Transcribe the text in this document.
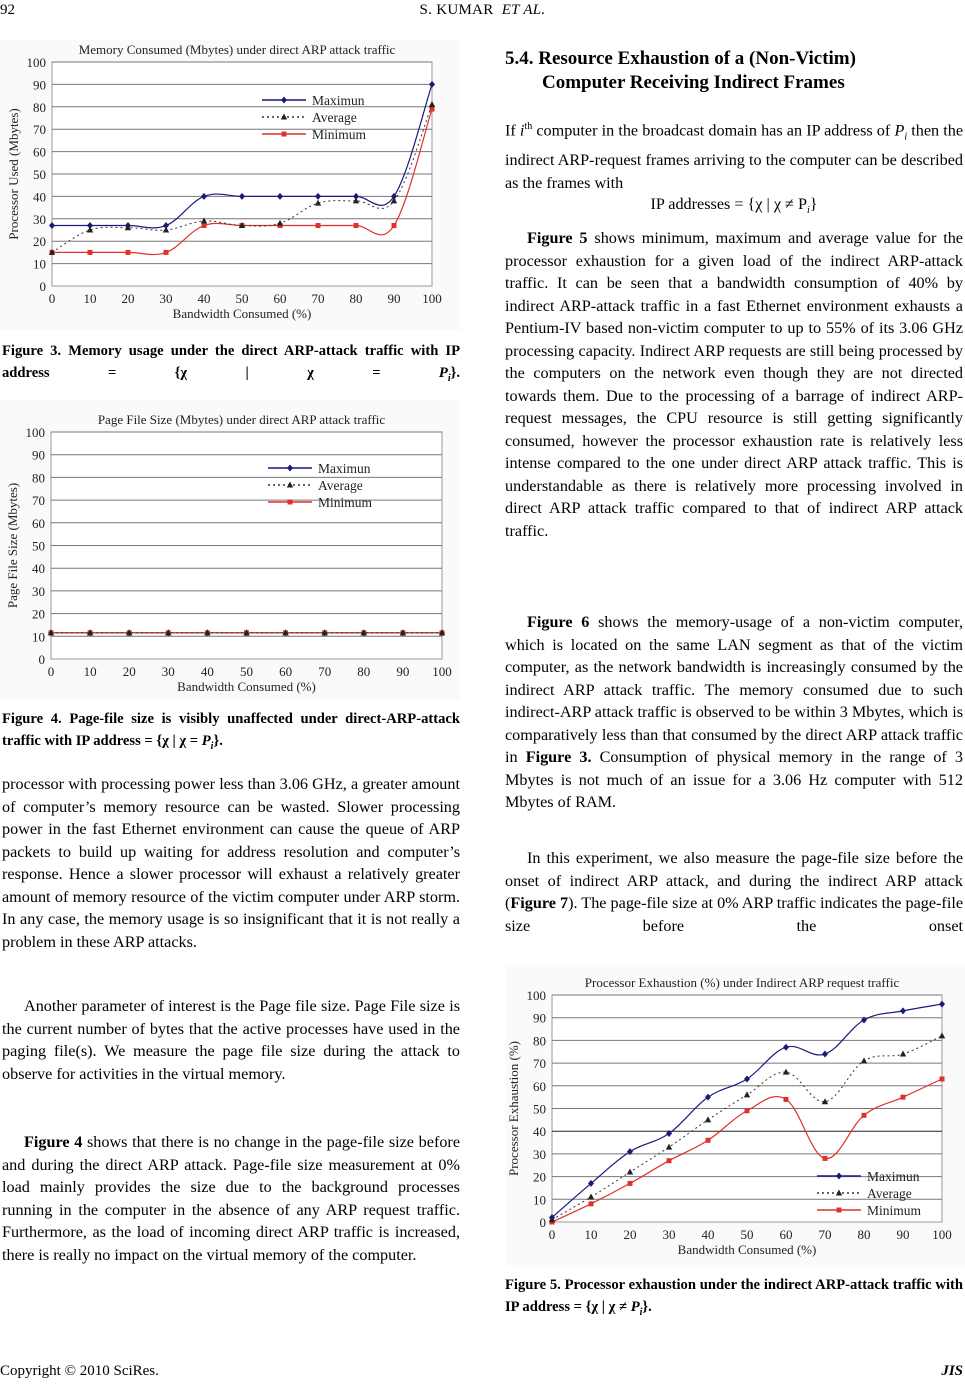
92	S. KUMAR ET AL.
Memory Consumed (Mbytes) under direct ARP attack traffic
0
10
20
30
40
50
60
70
80
90
100
0 10 20 30 40 50 60 70 80 90 100
Bandwidth Consumed (%)
Processor Used (Mbytes)
Maximun
Average
Minimum
Figure 3. Memory usage under the direct ARP-attack traffic with IP address = {χ | $\chi = P_i$}.
Page File Size (Mbytes) under direct ARP attack traffic
0
10
20
30
40
50
60
70
80
90
100
0 10 20 30 40 50 60 70 80 90 100
Bandwidth Consumed (%)
Page File Size (Mbytes)
Maximun
Average
Minimum
Figure 4. Page-file size is visibly unaffected under direct-ARP-attack traffic with IP address = {χ | $\chi = P_i$}.
processor with processing power less than 3.06 GHz, a greater amount of computer’s memory resource can be wasted. Slower processing power in the fast Ethernet environment can cause the queue of ARP packets to build up waiting for address resolution and computer’s response. Hence a slower processor will exhaust a relatively greater amount of memory resource of the victim computer under ARP storm. In any case, the memory usage is so insignificant that it is not really a problem in these ARP attacks.
Another parameter of interest is the Page file size. Page File size is the current number of bytes that the active processes have used in the paging file(s). We measure the page file size during the attack to observe for activities in the virtual memory.
Figure 4 shows that there is no change in the page-file size before and during the direct ARP attack. Page-file size measurement at 0% load mainly provides the size due to the background processes running in the computer in the absence of any ARP request traffic. Furthermore, as the load of incoming direct ARP traffic is increased, there is really no impact on the virtual memory of the computer.
5.4. Resource Exhaustion of a (Non-Victim)
Computer Receiving Indirect Frames
If $i^{th}$ computer in the broadcast domain has an IP address of $P_i$ then the indirect ARP-request frames arriving to the computer can be described as the frames with
IP addresses = {χ | $\chi \ne P_i$}
Figure 5 shows minimum, maximum and average value for the processor exhaustion for a given load of the indirect ARP-attack traffic. It can be seen that a bandwidth consumption of 40% by indirect ARP-attack traffic in a fast Ethernet environment exhausts a Pentium-IV based non-victim computer to up to 55% of its 3.06 GHz processing capacity. Indirect ARP requests are still being processed by the computers on the network even though they are not directed towards them. Due to the processing of a barrage of indirect ARP-request messages, the CPU resource is still getting significantly consumed, however the processor exhaustion rate is relatively less intense compared to the one under direct ARP attack traffic. This is understandable as there is relatively more processing involved in direct ARP attack traffic compared to that of indirect ARP attack traffic.
Figure 6 shows the memory-usage of a non-victim computer, which is located on the same LAN segment as that of the victim computer, as the network bandwidth is increasingly consumed by the indirect ARP attack traffic. The memory consumed due to such indirect-ARP attack traffic is observed to be within 3 Mbytes, which is comparatively less than that consumed by the direct ARP attack traffic in Figure 3. Consumption of physical memory in the range of 3 Mbytes is not much of an issue for a 3.06 Hz computer with 512 Mbytes of RAM.
In this experiment, we also measure the page-file size before the onset of indirect ARP attack, and during the indirect ARP attack (Figure 7). The page-file size at 0% ARP traffic indicates the page-file size before the onset
Processor Exhaustion (%) under Indirect ARP request traffic
0
10
20
30
40
50
60
70
80
90
100
0 10 20 30 40 50 60 70 80 90 100
Bandwidth Consumed (%)
Processor Exhaustion (%)
Maximun
Average
Minimum
Figure 5. Processor exhaustion under the indirect ARP-attack traffic with IP address = {χ | $\chi \ne P_i$}.
Copyright © 2010 SciRes.	JIS
